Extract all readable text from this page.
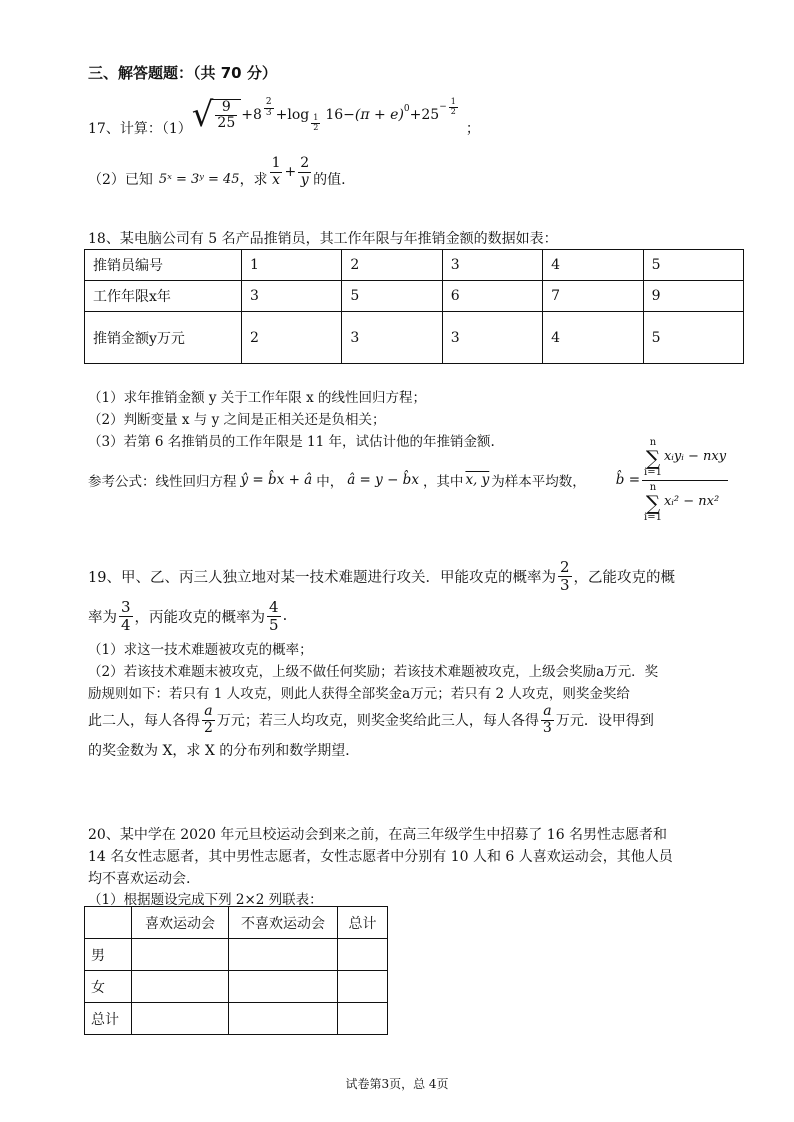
三、解答题题：（共 70 分）
17、计算：（1） √ $\frac{9}{25} +8 \frac{2}{3} +\log \frac{1}{2} 16 -(\pi + e)$ $0 +25 - \frac{1}{2}$
；
（2）已知 5ˣ = 3ʸ = 45 ，求 $\frac{1}{x} + \frac{2}{y}$ 的值.
18、某电脑公司有 5 名产品推销员，其工作年限与年推销金额的数据如表：
推销员编号	1	2	3	4	5
工作年限x年	3	5	6	7	9
推销金额y万元	2	3	3	4	5
（1）求年推销金额 y 关于工作年限 x 的线性回归方程；
（2）判断变量 x 与 y 之间是正相关还是负相关；
（3）若第 6 名推销员的工作年限是 11 年，试估计他的年推销金额.
参考公式：线性回归方程 ŷ = b̂x + â 中， â = y − b̂x ，其中 x, y 为样本平均数， b̂ = n
∑
i=1
xᵢyᵢ − nxy
n
∑
i=1
xᵢ² − nx²
19、甲、乙、丙三人独立地对某一技术难题进行攻关．甲能攻克的概率为 $\frac{2}{3}$ ，乙能攻克的概
率为 $\frac{3}{4}$ ，丙能攻克的概率为 $\frac{4}{5}$ .
（1）求这一技术难题被攻克的概率；
（2）若该技术难题末被攻克，上级不做任何奖励；若该技术难题被攻克，上级会奖励a万元．奖
励规则如下：若只有 1 人攻克，则此人获得全部奖金a万元；若只有 2 人攻克，则奖金奖给
此二人，每人各得 $\frac{a}{2}$ 万元；若三人均攻克，则奖金奖给此三人，每人各得 $\frac{a}{3}$ 万元．设甲得到
的奖金数为 X，求 X 的分布列和数学期望．
20、某中学在 2020 年元旦校运动会到来之前，在高三年级学生中招募了 16 名男性志愿者和
14 名女性志愿者，其中男性志愿者，女性志愿者中分别有 10 人和 6 人喜欢运动会，其他人员
均不喜欢运动会.
（1）根据题设完成下列 2×2 列联表：
	喜欢运动会	不喜欢运动会	总计
男			
女			
总计			
试卷第3页，总 4页
